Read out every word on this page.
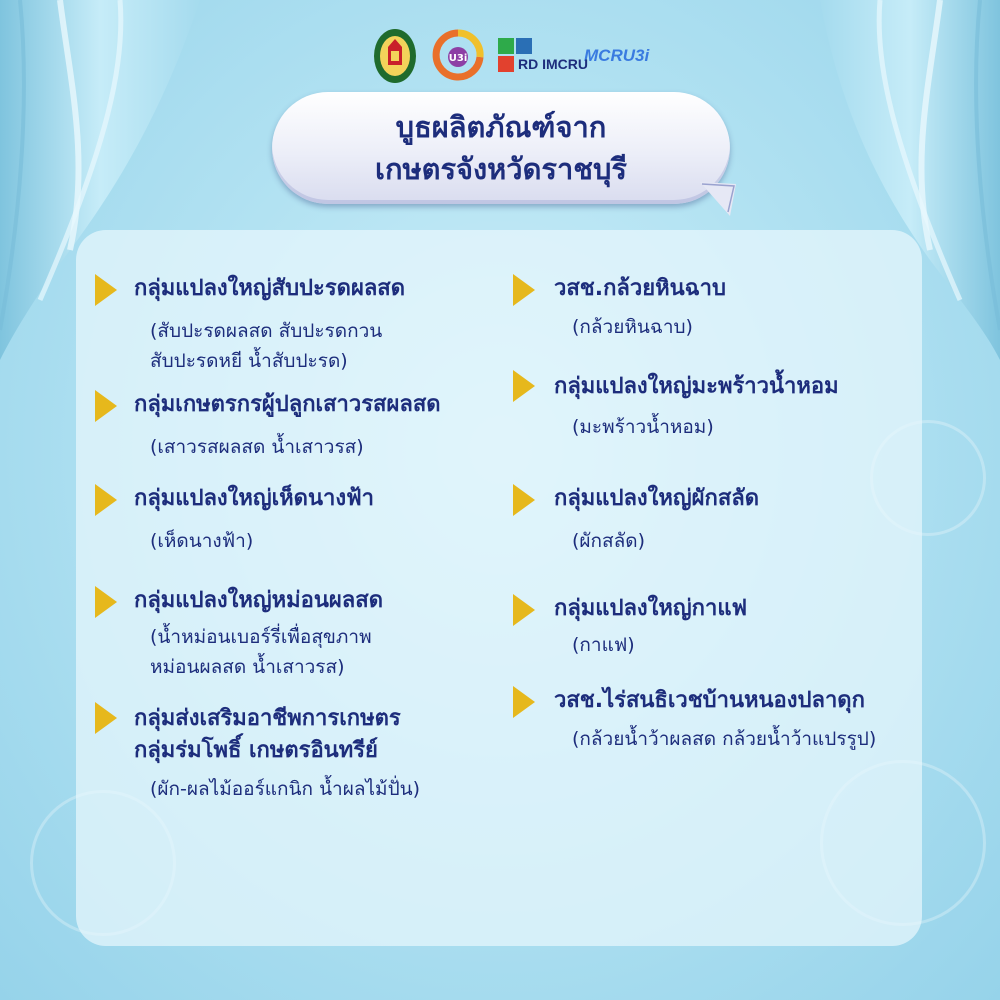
U3i	RD IMCRU
MCRU3i
บูธผลิตภัณฑ์จาก
เกษตรจังหวัดราชบุรี
กลุ่มแปลงใหญ่สับปะรดผลสด
(สับปะรดผลสด สับปะรดกวน
สับปะรดหยี น้ำสับปะรด)
กลุ่มเกษตรกรผู้ปลูกเสาวรสผลสด
(เสาวรสผลสด น้ำเสาวรส)
กลุ่มแปลงใหญ่เห็ดนางฟ้า
(เห็ดนางฟ้า)
กลุ่มแปลงใหญ่หม่อนผลสด
(น้ำหม่อนเบอร์รี่เพื่อสุขภาพ
หม่อนผลสด น้ำเสาวรส)
กลุ่มส่งเสริมอาชีพการเกษตร
กลุ่มร่มโพธิ์ เกษตรอินทรีย์
(ผัก-ผลไม้ออร์แกนิก น้ำผลไม้ปั่น)
วสช.กล้วยหินฉาบ
(กล้วยหินฉาบ)
กลุ่มแปลงใหญ่มะพร้าวน้ำหอม
(มะพร้าวน้ำหอม)
กลุ่มแปลงใหญ่ผักสลัด
(ผักสลัด)
กลุ่มแปลงใหญ่กาแฟ
(กาแฟ)
วสช.ไร่สนธิเวชบ้านหนองปลาดุก
(กล้วยน้ำว้าผลสด กล้วยน้ำว้าแปรรูป)
